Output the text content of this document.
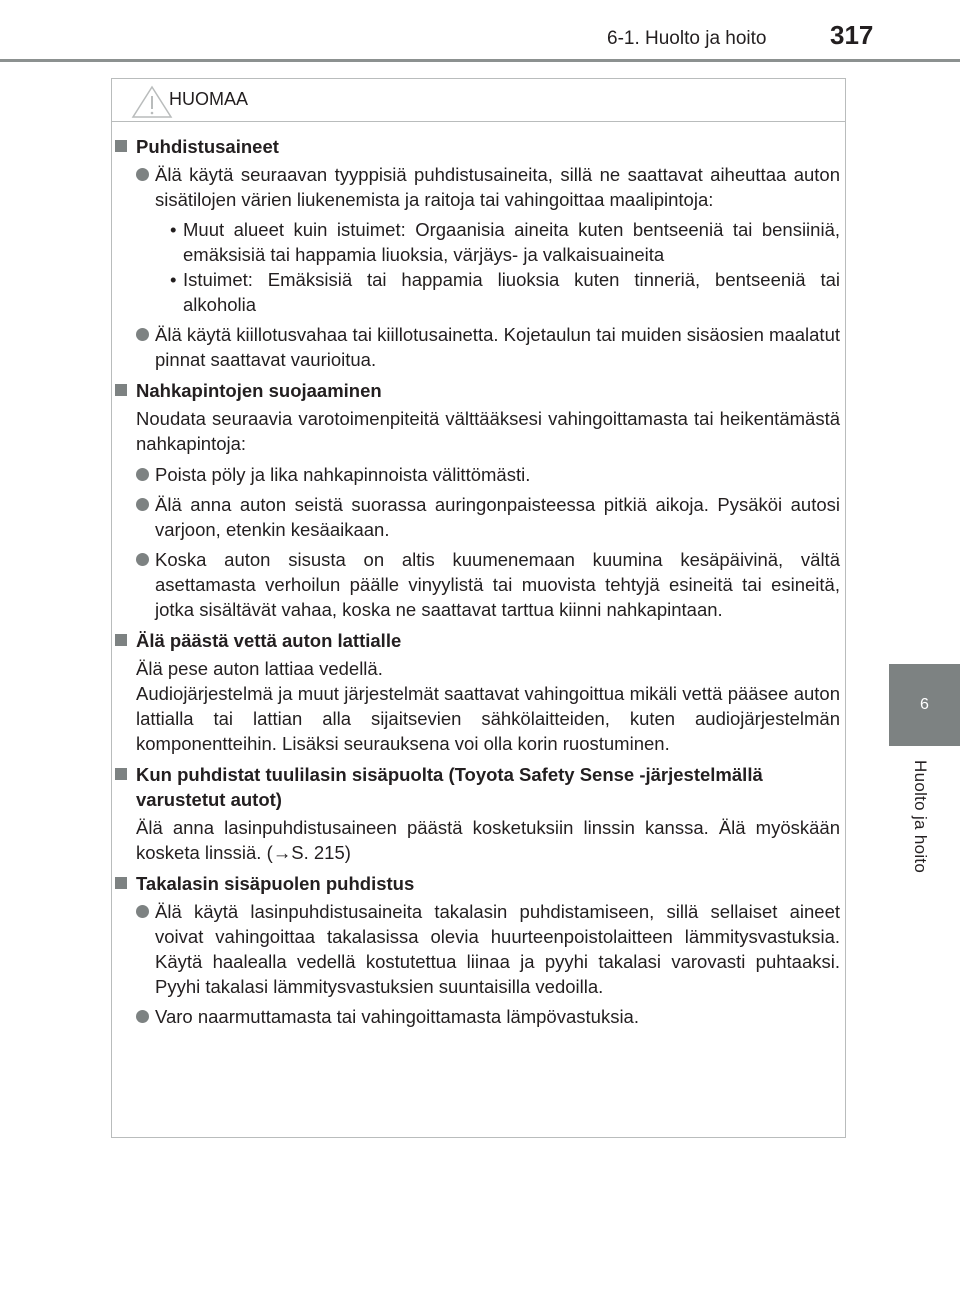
6-1. Huolto ja hoito 317
6
Huolto ja hoito
HUOMAA
Puhdistusaineet
Älä käytä seuraavan tyyppisiä puhdistusaineita, sillä ne saattavat aiheuttaa auton sisätilojen värien liukenemista ja raitoja tai vahingoittaa maalipintoja:
• Muut alueet kuin istuimet: Orgaanisia aineita kuten bentseeniä tai bensiiniä, emäksisiä tai happamia liuoksia, värjäys- ja valkaisuaineita
• Istuimet: Emäksisiä tai happamia liuoksia kuten tinneriä, bentseeniä tai alkoholia
Älä käytä kiillotusvahaa tai kiillotusainetta. Kojetaulun tai muiden sisäosien maalatut pinnat saattavat vaurioitua.
Nahkapintojen suojaaminen
Noudata seuraavia varotoimenpiteitä välttääksesi vahingoittamasta tai heikentämästä nahkapintoja:
Poista pöly ja lika nahkapinnoista välittömästi.
Älä anna auton seistä suorassa auringonpaisteessa pitkiä aikoja. Pysäköi autosi varjoon, etenkin kesäaikaan.
Koska auton sisusta on altis kuumenemaan kuumina kesäpäivinä, vältä asettamasta verhoilun päälle vinyylistä tai muovista tehtyjä esineitä tai esineitä, jotka sisältävät vahaa, koska ne saattavat tarttua kiinni nahkapintaan.
Älä päästä vettä auton lattialle
Älä pese auton lattiaa vedellä.
Audiojärjestelmä ja muut järjestelmät saattavat vahingoittua mikäli vettä pääsee auton lattialla tai lattian alla sijaitsevien sähkölaitteiden, kuten audiojärjestelmän komponentteihin. Lisäksi seurauksena voi olla korin ruostuminen.
Kun puhdistat tuulilasin sisäpuolta (Toyota Safety Sense -järjestelmällä varustetut autot)
Älä anna lasinpuhdistusaineen päästä kosketuksiin linssin kanssa. Älä myöskään kosketa linssiä. (→S. 215)
Takalasin sisäpuolen puhdistus
Älä käytä lasinpuhdistusaineita takalasin puhdistamiseen, sillä sellaiset aineet voivat vahingoittaa takalasissa olevia huurteenpoistolaitteen lämmitysvastuksia. Käytä haalealla vedellä kostutettua liinaa ja pyyhi takalasi varovasti puhtaaksi. Pyyhi takalasi lämmitysvastuksien suuntaisilla vedoilla.
Varo naarmuttamasta tai vahingoittamasta lämpövastuksia.
